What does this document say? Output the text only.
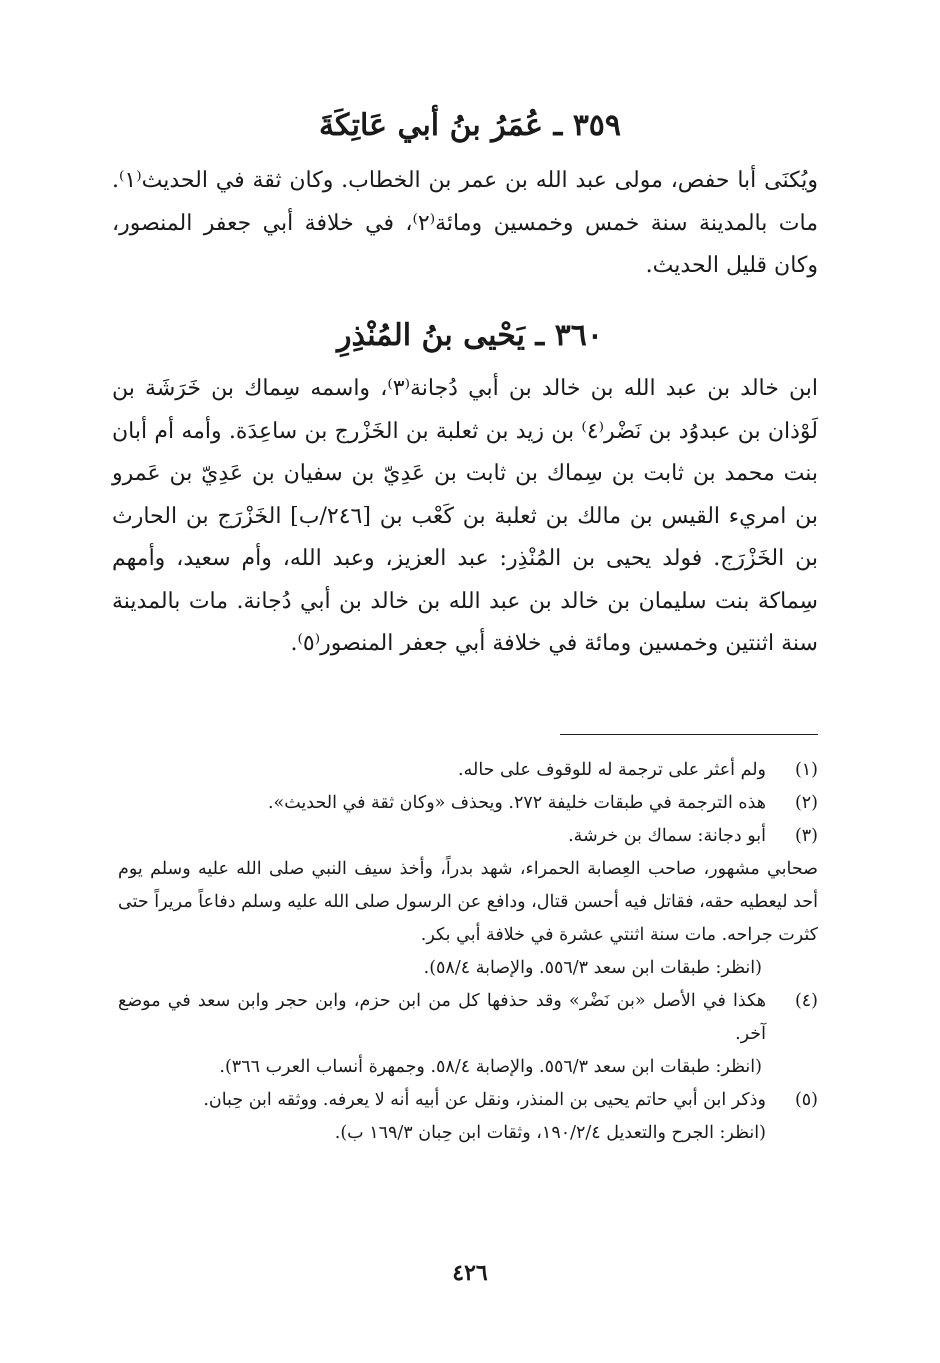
٣٥٩ ـ عُمَرُ بنُ أبي عَاتِكَةَ

ويُكنَى أبا حفص، مولى عبد الله بن عمر بن الخطاب. وكان ثقة في الحديث⁽١⁾. مات بالمدينة سنة خمس وخمسين ومائة⁽٢⁾، في خلافة أبي جعفر المنصور، وكان قليل الحديث.

٣٦٠ ـ يَحْيى بنُ المُنْذِرِ

ابن خالد بن عبد الله بن خالد بن أبي دُجانة⁽٣⁾، واسمه سِماك بن خَرَشَة بن لَوْذان بن عبدوُد بن نَضْر⁽٤⁾ بن زيد بن ثعلبة بن الخَزْرج بن ساعِدَة. وأمه أم أبان بنت محمد بن ثابت بن سِماك بن ثابت بن عَدِيّ بن سفيان بن عَدِيّ بن عَمرو بن امريء القيس بن مالك بن ثعلبة بن كَعْب بن [٢٤٦/ب] الخَزْرَج بن الحارث بن الخَزْرَج. فولد يحيى بن المُنْذِر: عبد العزيز، وعبد الله، وأم سعيد، وأمهم سِماكة بنت سليمان بن خالد بن عبد الله بن خالد بن أبي دُجانة. مات بالمدينة سنة اثنتين وخمسين ومائة في خلافة أبي جعفر المنصور⁽٥⁾.

(١)
ولم أعثر على ترجمة له للوقوف على حاله.
(٢)
هذه الترجمة في طبقات خليفة ٢٧٢. ويحذف «وكان ثقة في الحديث».
(٣)
أبو دجانة: سماك بن خرشة.
صحابي مشهور، صاحب العِصابة الحمراء، شهد بدراً، وأخذ سيف النبي صلى الله عليه وسلم يوم أحد ليعطيه حقه، فقاتل فيه أحسن قتال، ودافع عن الرسول صلى الله عليه وسلم دفاعاً مريراً حتى كثرت جراحه. مات سنة اثنتي عشرة في خلافة أبي بكر.
(انظر: طبقات ابن سعد ٥٥٦/٣. والإصابة ٥٨/٤).
(٤)
هكذا في الأصل «بن نَضْر» وقد حذفها كل من ابن حزم، وابن حجر وابن سعد في موضع آخر.
(انظر: طبقات ابن سعد ٥٥٦/٣. والإصابة ٥٨/٤. وجمهرة أنساب العرب ٣٦٦).
(٥)
وذكر ابن أبي حاتم يحيى بن المنذر، ونقل عن أبيه أنه لا يعرفه. ووثقه ابن حِبان.
(انظر: الجرح والتعديل ١٩٠/٢/٤، وثقات ابن حِبان ١٦٩/٣ ب).
٤٢٦
